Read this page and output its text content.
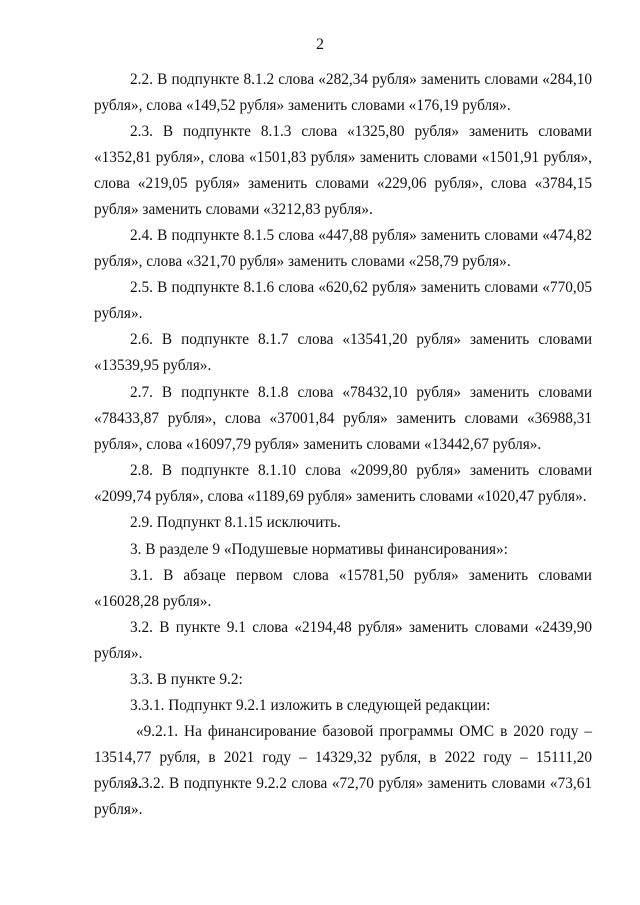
2

2.2. В подпункте 8.1.2 слова «282,34 рубля» заменить словами «284,10 рубля», слова «149,52 рубля» заменить словами «176,19 рубля».

2.3. В подпункте 8.1.3 слова «1325,80 рубля» заменить словами «1352,81 рубля», слова «1501,83 рубля» заменить словами «1501,91 рубля», слова «219,05 рубля» заменить словами «229,06 рубля», слова «3784,15 рубля» заменить словами «3212,83 рубля».

2.4. В подпункте 8.1.5 слова «447,88 рубля» заменить словами «474,82 рубля», слова «321,70 рубля» заменить словами «258,79 рубля».

2.5. В подпункте 8.1.6 слова «620,62 рубля» заменить словами «770,05 рубля».

2.6. В подпункте 8.1.7 слова «13541,20 рубля» заменить словами «13539,95 рубля».

2.7. В подпункте 8.1.8 слова «78432,10 рубля» заменить словами «78433,87 рубля», слова «37001,84 рубля» заменить словами «36988,31 рубля», слова «16097,79 рубля» заменить словами «13442,67 рубля».

2.8. В подпункте 8.1.10 слова «2099,80 рубля» заменить словами «2099,74 рубля», слова «1189,69 рубля» заменить словами «1020,47 рубля».

2.9. Подпункт 8.1.15 исключить.

3. В разделе 9 «Подушевые нормативы финансирования»:

3.1. В абзаце первом слова «15781,50 рубля» заменить словами «16028,28 рубля».

3.2. В пункте 9.1 слова «2194,48 рубля» заменить словами «2439,90 рубля».

3.3. В пункте 9.2:

3.3.1. Подпункт 9.2.1 изложить в следующей редакции:

«9.2.1. На финансирование базовой программы ОМС в 2020 году – 13514,77 рубля, в 2021 году – 14329,32 рубля, в 2022 году – 15111,20 рубля».

3.3.2. В подпункте 9.2.2 слова «72,70 рубля» заменить словами «73,61 рубля».
